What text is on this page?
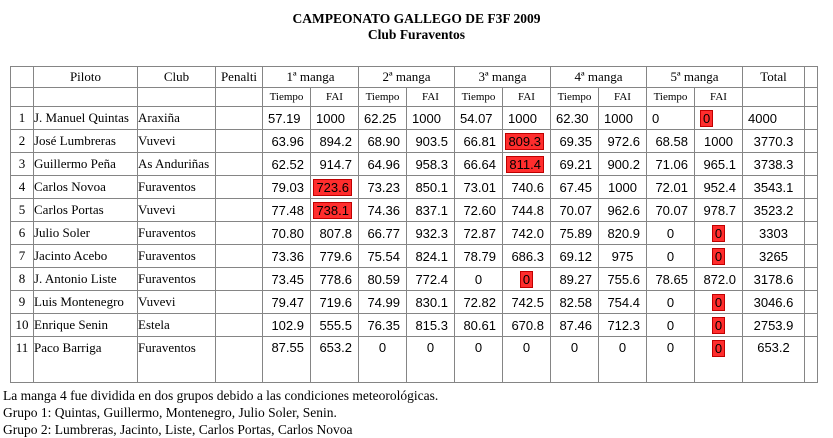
CAMPEONATO GALLEGO DE F3F 2009
Club Furaventos
	Piloto	Club	Penalti	1ª manga		2ª manga		3ª manga		4ª manga		5ª manga		Total	
				Tiempo	FAI	Tiempo	FAI	Tiempo	FAI	Tiempo	FAI	Tiempo	FAI		
1	J. Manuel Quintas	Araxiña		57.19	1000	62.25	1000	54.07	1000	62.30	1000	0	0	4000	
2	José Lumbreras	Vuvevi		63.96	894.2	68.90	903.5	66.81	809.3	69.35	972.6	68.58	1000	3770.3	
3	Guillermo Peña	As Anduriñas		62.52	914.7	64.96	958.3	66.64	811.4	69.21	900.2	71.06	965.1	3738.3	
4	Carlos Novoa	Furaventos		79.03	723.6	73.23	850.1	73.01	740.6	67.45	1000	72.01	952.4	3543.1	
5	Carlos Portas	Vuvevi		77.48	738.1	74.36	837.1	72.60	744.8	70.07	962.6	70.07	978.7	3523.2	
6	Julio Soler	Furaventos		70.80	807.8	66.77	932.3	72.87	742.0	75.89	820.9	0	0	3303	
7	Jacinto Acebo	Furaventos		73.36	779.6	75.54	824.1	78.79	686.3	69.12	975	0	0	3265	
8	J. Antonio Liste	Furaventos		73.45	778.6	80.59	772.4	0	0	89.27	755.6	78.65	872.0	3178.6	
9	Luis Montenegro	Vuvevi		79.47	719.6	74.99	830.1	72.82	742.5	82.58	754.4	0	0	3046.6	
10	Enrique Senin	Estela		102.9	555.5	76.35	815.3	80.61	670.8	87.46	712.3	0	0	2753.9	
11	Paco Barriga	Furaventos		87.55	653.2	0	0	0	0	0	0	0	0	653.2	
La manga 4 fue dividida en dos grupos debido a las condiciones meteorológicas.
Grupo 1: Quintas, Guillermo, Montenegro, Julio Soler, Senin.
Grupo 2: Lumbreras, Jacinto, Liste, Carlos Portas, Carlos Novoa
